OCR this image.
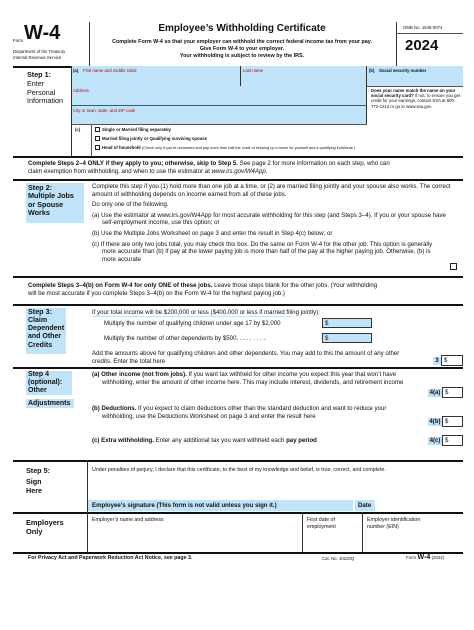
Form W-4
Department of the Treasury
Internal Revenue Service
Employee’s Withholding Certificate
Complete Form W-4 so that your employer can withhold the correct federal income tax from your pay.
Give Form W-4 to your employer.
Your withholding is subject to review by the IRS.
OMB No. 1545-0074
2024
Step 1:
Enter
Personal
Information
(a) First name and middle initial	Last name	(b) Social security number
Address
City or town, state, and ZIP code
Does your name match the name on your social security card? If not, to ensure you get credit for your earnings, contact SSA at 800-772-1213 or go to www.ssa.gov.
(c)	Single or Married filing separately
Married filing jointly or Qualifying surviving spouse
Head of household (Check only if you’re unmarried and pay more than half the costs of keeping up a home for yourself and a qualifying individual.)
Complete Steps 2–4 ONLY if they apply to you; otherwise, skip to Step 5. See page 2 for more information on each step, who can
claim exemption from withholding, and when to use the estimator at www.irs.gov/W4App.
Step 2:
Multiple Jobs
or Spouse
Works
Complete this step if you (1) hold more than one job at a time, or (2) are married filing jointly and your spouse also works. The correct amount of withholding depends on income earned from all of these jobs.
Do only one of the following.
(a) Use the estimator at www.irs.gov/W4App for most accurate withholding for this step (and Steps 3–4). If you or your spouse have self-employment income, use this option; or
(b) Use the Multiple Jobs Worksheet on page 3 and enter the result in Step 4(c) below; or
(c) If there are only two jobs total, you may check this box. Do the same on Form W-4 for the other job. This option is generally more accurate than (b) if pay at the lower paying job is more than half of the pay at the higher paying job. Otherwise, (b) is more accurate
Complete Steps 3–4(b) on Form W-4 for only ONE of these jobs. Leave those steps blank for the other jobs. (Your withholding
will be most accurate if you complete Steps 3–4(b) on the Form W-4 for the highest paying job.)
Step 3:
Claim
Dependent
and Other
Credits
If your total income will be $200,000 or less ($400,000 or less if married filing jointly):
Multiply the number of qualifying children under age 17 by $2,000	$
Multiply the number of other dependents by $500. . . . . . . . .	$
Add the amounts above for qualifying children and other dependents. You may add to this the amount of any other credits. Enter the total here	3 $
Step 4
(optional):
Other
Adjustments
(a) Other income (not from jobs). If you want tax withheld for other income you expect this year that won’t have withholding, enter the amount of other income here. This may include interest, dividends, and retirement income
4(a) $
(b) Deductions. If you expect to claim deductions other than the standard deduction and want to reduce your withholding, use the Deductions Worksheet on page 3 and enter the result here
4(b) $
(c) Extra withholding. Enter any additional tax you want withheld each pay period	4(c) $
Step 5:
Sign
Here
Under penalties of perjury, I declare that this certificate, to the best of my knowledge and belief, is true, correct, and complete.
Employee’s signature (This form is not valid unless you sign it.)	Date
Employers
Only
Employer’s name and address	First date of
employment
Employer identification
number (EIN)
For Privacy Act and Paperwork Reduction Act Notice, see page 3.	Cat. No. 10220Q	Form W-4 (2024)
